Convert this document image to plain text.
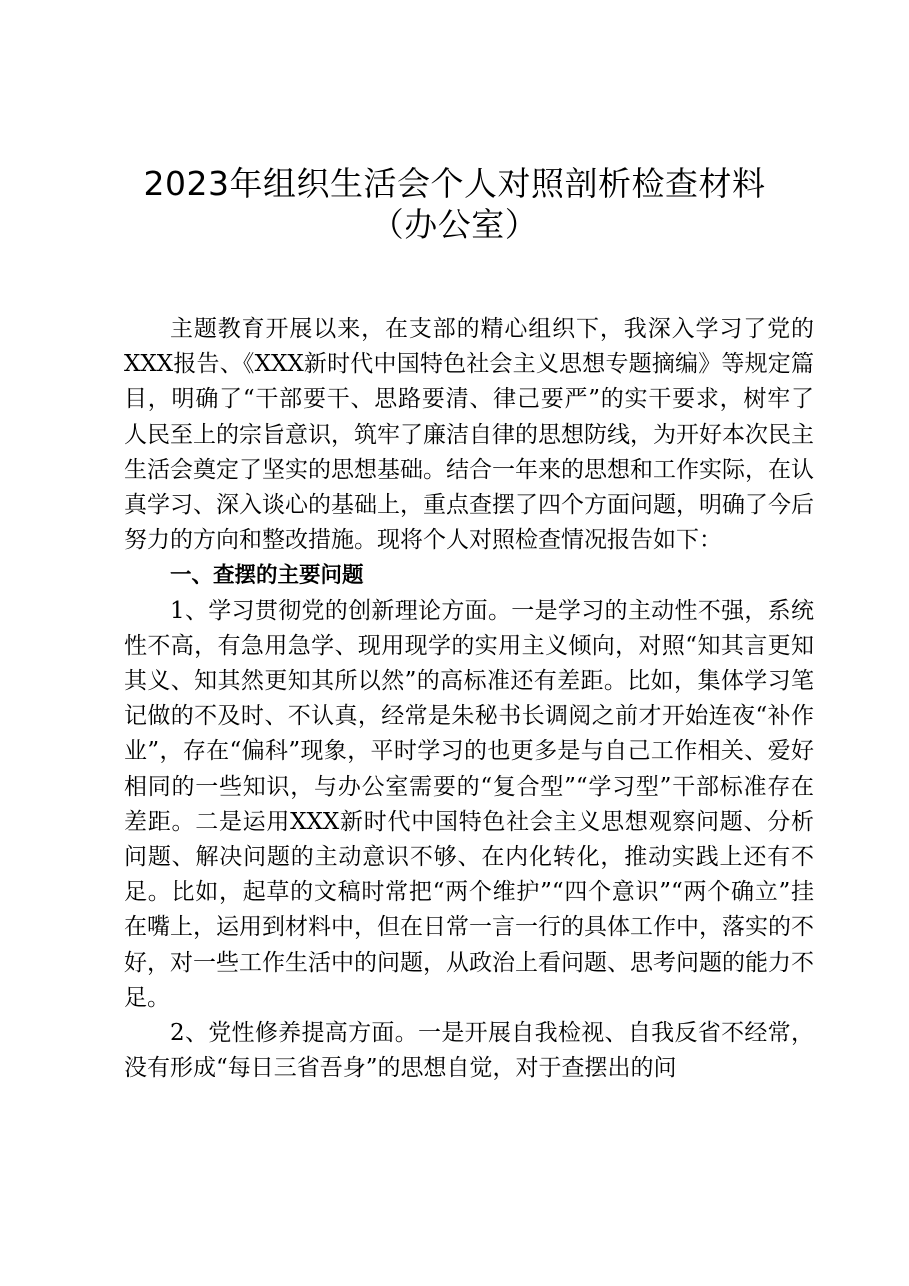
2023年组织生活会个人对照剖析检查材料
（办公室）

主题教育开展以来，在支部的精心组织下，我深入学习了党的XXX报告、《XXX新时代中国特色社会主义思想专题摘编》等规定篇目，明确了“干部要干、思路要清、律己要严”的实干要求，树牢了人民至上的宗旨意识，筑牢了廉洁自律的思想防线，为开好本次民主生活会奠定了坚实的思想基础。结合一年来的思想和工作实际，在认真学习、深入谈心的基础上，重点查摆了四个方面问题，明确了今后努力的方向和整改措施。现将个人对照检查情况报告如下：

一、查摆的主要问题

1、学习贯彻党的创新理论方面。一是学习的主动性不强，系统性不高，有急用急学、现用现学的实用主义倾向，对照“知其言更知其义、知其然更知其所以然”的高标准还有差距。比如，集体学习笔记做的不及时、不认真，经常是朱秘书长调阅之前才开始连夜“补作业”，存在“偏科”现象，平时学习的也更多是与自己工作相关、爱好相同的一些知识，与办公室需要的“复合型”“学习型”干部标准存在差距。二是运用XXX新时代中国特色社会主义思想观察问题、分析问题、解决问题的主动意识不够、在内化转化，推动实践上还有不足。比如，起草的文稿时常把“两个维护”“四个意识”“两个确立”挂在嘴上，运用到材料中，但在日常一言一行的具体工作中，落实的不好，对一些工作生活中的问题，从政治上看问题、思考问题的能力不足。

2、党性修养提高方面。一是开展自我检视、自我反省不经常，没有形成“每日三省吾身”的思想自觉，对于查摆出的问
